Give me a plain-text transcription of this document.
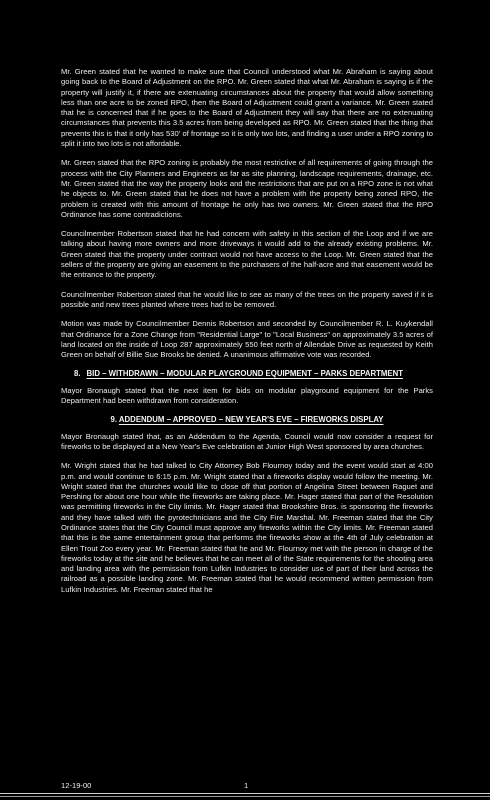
Mr. Green stated that he wanted to make sure that Council understood what Mr. Abraham is saying about going back to the Board of Adjustment on the RPO. Mr. Green stated that what Mr. Abraham is saying is if the property will justify it, if there are extenuating circumstances about the property that would allow something less than one acre to be zoned RPO, then the Board of Adjustment could grant a variance. Mr. Green stated that he is concerned that if he goes to the Board of Adjustment they will say that there are no extenuating circumstances that prevents this 3.5 acres from being developed as RPO. Mr. Green stated that the thing that prevents this is that it only has 530' of frontage so it is only two lots, and finding a user under a RPO zoning to split it into two lots is not affordable.

Mr. Green stated that the RPO zoning is probably the most restrictive of all requirements of going through the process with the City Planners and Engineers as far as site planning, landscape requirements, drainage, etc. Mr. Green stated that the way the property looks and the restrictions that are put on a RPO zone is not what he objects to. Mr. Green stated that he does not have a problem with the property being zoned RPO, the problem is created with this amount of frontage he only has two owners. Mr. Green stated that the RPO Ordinance has some contradictions.

Councilmember Robertson stated that he had concern with safety in this section of the Loop and if we are talking about having more owners and more driveways it would add to the already existing problems. Mr. Green stated that the property under contract would not have access to the Loop. Mr. Green stated that the sellers of the property are giving an easement to the purchasers of the half-acre and that easement would be the entrance to the property.

Councilmember Robertson stated that he would like to see as many of the trees on the property saved if it is possible and new trees planted where trees had to be removed.

Motion was made by Councilmember Dennis Robertson and seconded by Councilmember R. L. Kuykendall that Ordinance for a Zone Change from "Residential Large" to "Local Business" on approximately 3.5 acres of land located on the inside of Loop 287 approximately 550 feet north of Allendale Drive as requested by Keith Green on behalf of Billie Sue Brooks be denied. A unanimous affirmative vote was recorded.

8. BID – WITHDRAWN – MODULAR PLAYGROUND EQUIPMENT – PARKS DEPARTMENT

Mayor Bronaugh stated that the next item for bids on modular playground equipment for the Parks Department had been withdrawn from consideration.

9. ADDENDUM – APPROVED – NEW YEAR'S EVE – FIREWORKS DISPLAY

Mayor Bronaugh stated that, as an Addendum to the Agenda, Council would now consider a request for fireworks to be displayed at a New Year's Eve celebration at Junior High West sponsored by area churches.

Mr. Wright stated that he had talked to City Attorney Bob Flournoy today and the event would start at 4:00 p.m. and would continue to 6:15 p.m. Mr. Wright stated that a fireworks display would follow the meeting. Mr. Wright stated that the churches would like to close off that portion of Angelina Street between Raguet and Pershing for about one hour while the fireworks are taking place. Mr. Hager stated that part of the Resolution was permitting fireworks in the City limits. Mr. Hager stated that Brookshire Bros. is sponsoring the fireworks and they have talked with the pyrotechnicians and the City Fire Marshal. Mr. Freeman stated that the City Ordinance states that the City Council must approve any fireworks within the City limits. Mr. Freeman stated that this is the same entertainment group that performs the fireworks show at the 4th of July celebration at Ellen Trout Zoo every year. Mr. Freeman stated that he and Mr. Flournoy met with the person in charge of the fireworks today at the site and he believes that he can meet all of the State requirements for the shooting area and landing area with the permission from Lufkin Industries to consider use of part of their land across the railroad as a possible landing zone. Mr. Freeman stated that he would recommend written permission from Lufkin Industries. Mr. Freeman stated that he

12-19-00	1
